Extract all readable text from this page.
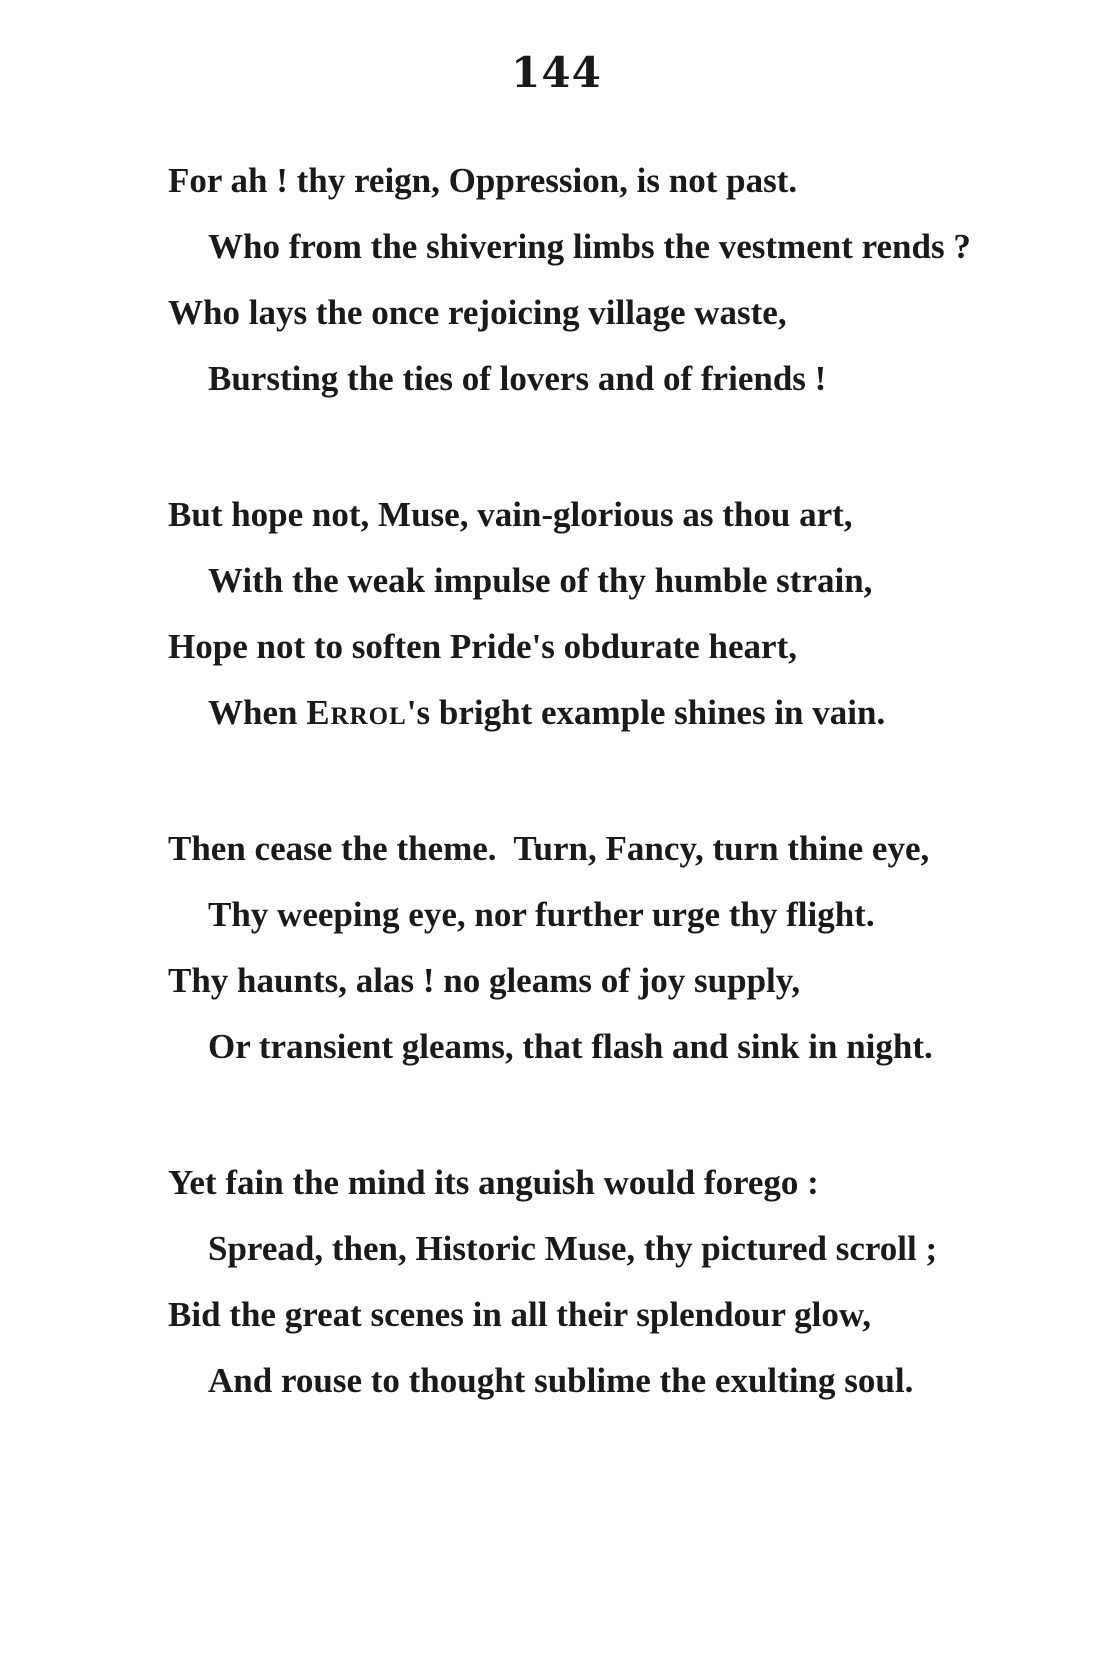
144
For ah ! thy reign, Oppression, is not past.
Who from the shivering limbs the vestment rends ?
Who lays the once rejoicing village waste,
Bursting the ties of lovers and of friends !
But hope not, Muse, vain-glorious as thou art,
With the weak impulse of thy humble strain,
Hope not to soften Pride's obdurate heart,
When Errol's bright example shines in vain.
Then cease the theme.  Turn, Fancy, turn thine eye,
Thy weeping eye, nor further urge thy flight.
Thy haunts, alas ! no gleams of joy supply,
Or transient gleams, that flash and sink in night.
Yet fain the mind its anguish would forego :
Spread, then, Historic Muse, thy pictured scroll ;
Bid the great scenes in all their splendour glow,
And rouse to thought sublime the exulting soul.
